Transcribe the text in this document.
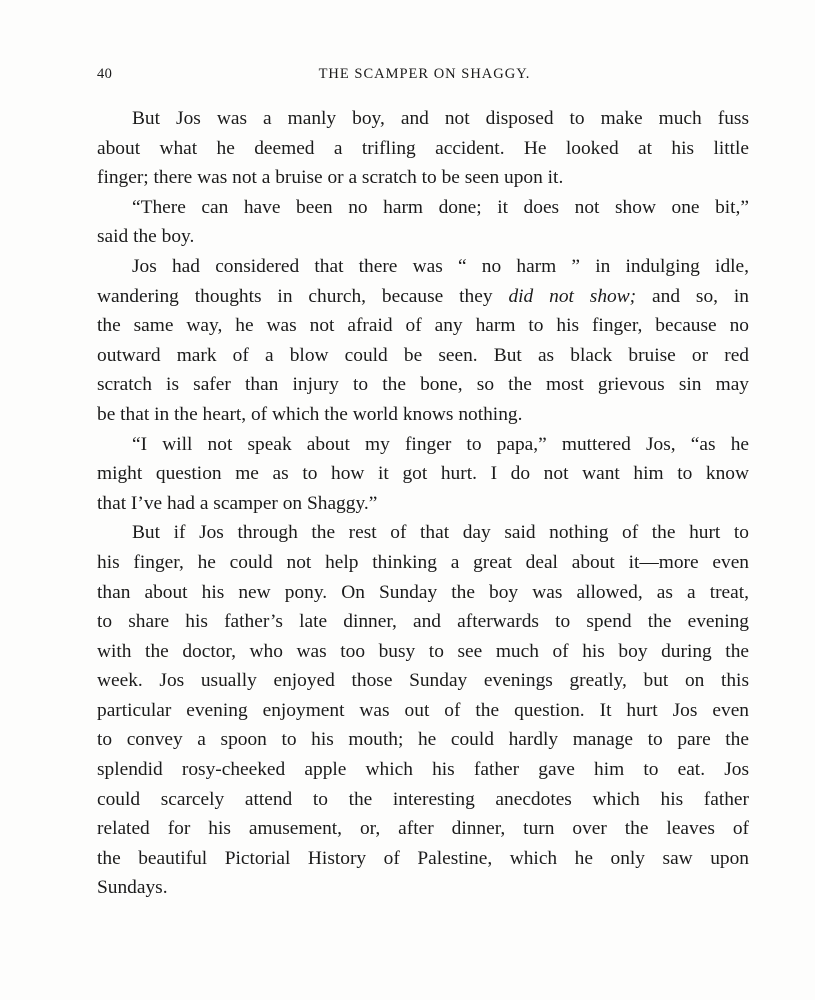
40	THE SCAMPER ON SHAGGY.
But Jos was a manly boy, and not disposed to make much fuss
about what he deemed a trifling accident. He looked at his little
finger; there was not a bruise or a scratch to be seen upon it.
“There can have been no harm done; it does not show one bit,”
said the boy.
Jos had considered that there was “ no harm ” in indulging idle,
wandering thoughts in church, because they did not show; and so, in
the same way, he was not afraid of any harm to his finger, because no
outward mark of a blow could be seen. But as black bruise or red
scratch is safer than injury to the bone, so the most grievous sin may
be that in the heart, of which the world knows nothing.
“I will not speak about my finger to papa,” muttered Jos, “as he
might question me as to how it got hurt. I do not want him to know
that I’ve had a scamper on Shaggy.”
But if Jos through the rest of that day said nothing of the hurt to
his finger, he could not help thinking a great deal about it—more even
than about his new pony. On Sunday the boy was allowed, as a treat,
to share his father’s late dinner, and afterwards to spend the evening
with the doctor, who was too busy to see much of his boy during the
week. Jos usually enjoyed those Sunday evenings greatly, but on this
particular evening enjoyment was out of the question. It hurt Jos even
to convey a spoon to his mouth; he could hardly manage to pare the
splendid rosy-cheeked apple which his father gave him to eat. Jos
could scarcely attend to the interesting anecdotes which his father
related for his amusement, or, after dinner, turn over the leaves of
the beautiful Pictorial History of Palestine, which he only saw upon
Sundays.
